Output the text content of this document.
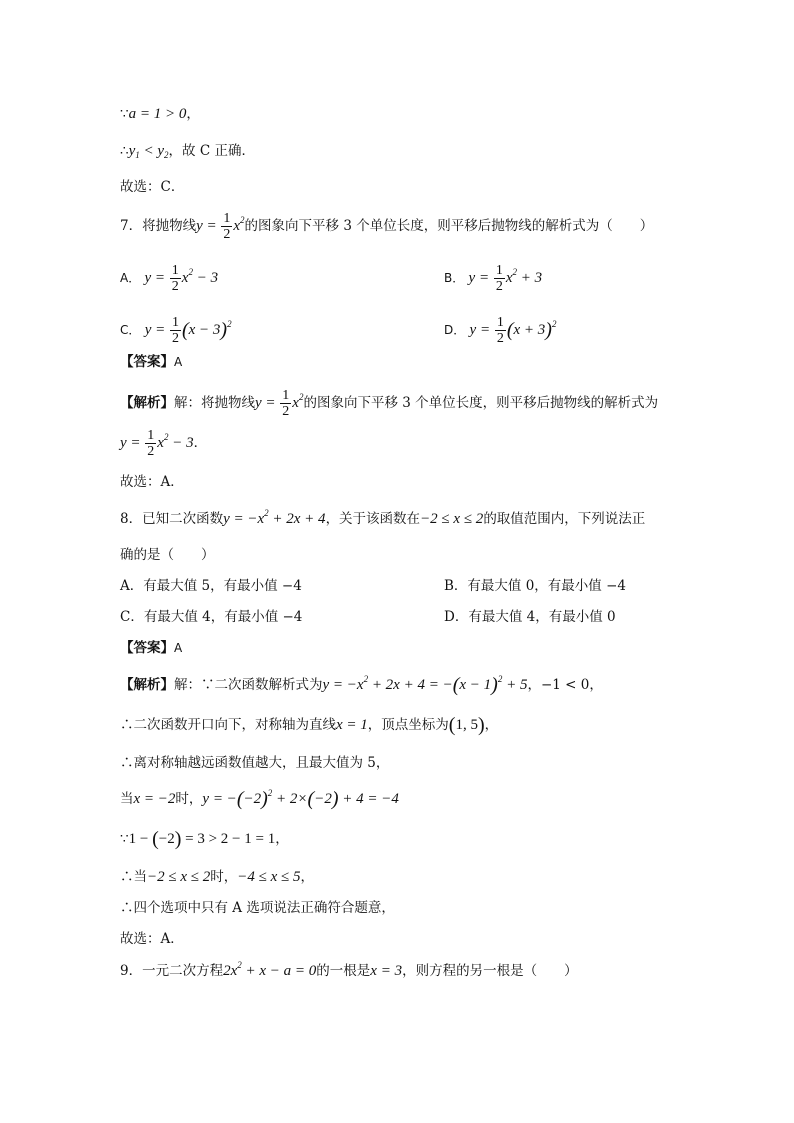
∵a = 1 > 0，
$\therefore y_1 < y_2$，故 C 正确．
故选：C．
7．将抛物线$y = \frac{1}{2} x^2$的图象向下平移 3 个单位长度，则平移后抛物线的解析式为（　　）
A． $y = \frac{1}{2} x^2 - 3$	B． $y = \frac{1}{2} x^2 + 3$
C． $y = \frac{1}{2} (x - 3)^2$	D． $y = \frac{1}{2} (x + 3)^2$
【答案】A
【解析】解：将抛物线$y = \frac{1}{2} x^2$的图象向下平移 3 个单位长度，则平移后抛物线的解析式为
$y = \frac{1}{2} x^2 - 3$．
故选：A．
8．已知二次函数$y = -x^2 + 2x + 4$，关于该函数在−2 ≤ x ≤ 2的取值范围内，下列说法正
确的是（　　）
A．有最大值 5，有最小值 −4	B．有最大值 0，有最小值 −4
C．有最大值 4，有最小值 −4	D．有最大值 4，有最小值 0
【答案】A
【解析】解：∵二次函数解析式为$y = -x^2 + 2x + 4 = -(x - 1)^2 + 5$，−1 < 0，
∴二次函数开口向下，对称轴为直线x = 1，顶点坐标为(1, 5)，
∴离对称轴越远函数值越大，且最大值为 5，
当x = −2时，$y = -(-2)^2 + 2\times(-2) + 4 = -4$
∵1 − (−2) = 3 > 2 − 1 = 1，
∴当−2 ≤ x ≤ 2时，−4 ≤ x ≤ 5，
∴四个选项中只有 A 选项说法正确符合题意，
故选：A．
9．一元二次方程$2x^2 + x - a = 0$的一根是x = 3，则方程的另一根是（　　）
